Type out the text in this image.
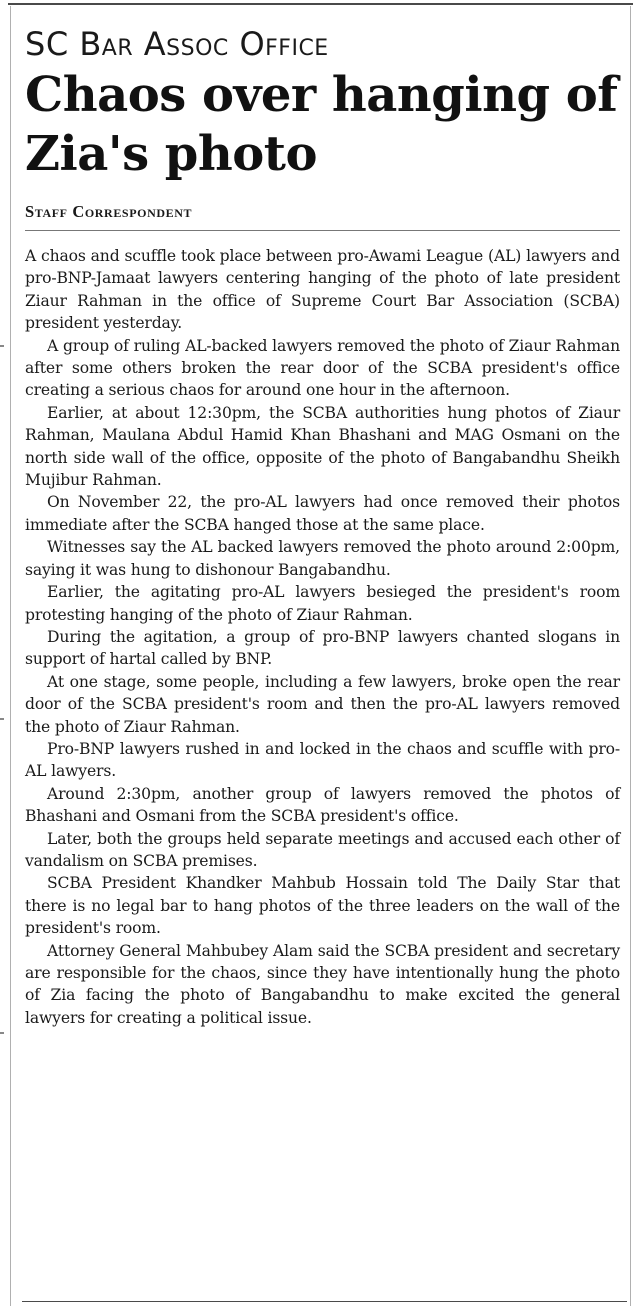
SC Bar Assoc Office
Chaos over hanging of Zia's photo
Staff Correspondent

A chaos and scuffle took place between pro-Awami League (AL) lawyers and pro-BNP-Jamaat lawyers centering hanging of the photo of late president Ziaur Rahman in the office of Supreme Court Bar Association (SCBA) president yesterday.

A group of ruling AL-backed lawyers removed the photo of Ziaur Rahman after some others broken the rear door of the SCBA president's office creating a serious chaos for around one hour in the afternoon.

Earlier, at about 12:30pm, the SCBA authorities hung photos of Ziaur Rahman, Maulana Abdul Hamid Khan Bhashani and MAG Osmani on the north side wall of the office, opposite of the photo of Bangabandhu Sheikh Mujibur Rahman.

On November 22, the pro-AL lawyers had once removed their photos immediate after the SCBA hanged those at the same place.

Witnesses say the AL backed lawyers removed the photo around 2:00pm, saying it was hung to dishonour Bangabandhu.

Earlier, the agitating pro-AL lawyers besieged the president's room protesting hanging of the photo of Ziaur Rahman.

During the agitation, a group of pro-BNP lawyers chanted slogans in support of hartal called by BNP.

At one stage, some people, including a few lawyers, broke open the rear door of the SCBA president's room and then the pro-AL lawyers removed the photo of Ziaur Rahman.

Pro-BNP lawyers rushed in and locked in the chaos and scuffle with pro-AL lawyers.

Around 2:30pm, another group of lawyers removed the photos of Bhashani and Osmani from the SCBA president's office.

Later, both the groups held separate meetings and accused each other of vandalism on SCBA premises.

SCBA President Khandker Mahbub Hossain told The Daily Star that there is no legal bar to hang photos of the three leaders on the wall of the president's room.

Attorney General Mahbubey Alam said the SCBA president and secretary are responsible for the chaos, since they have intentionally hung the photo of Zia facing the photo of Bangabandhu to make excited the general lawyers for creating a political issue.
